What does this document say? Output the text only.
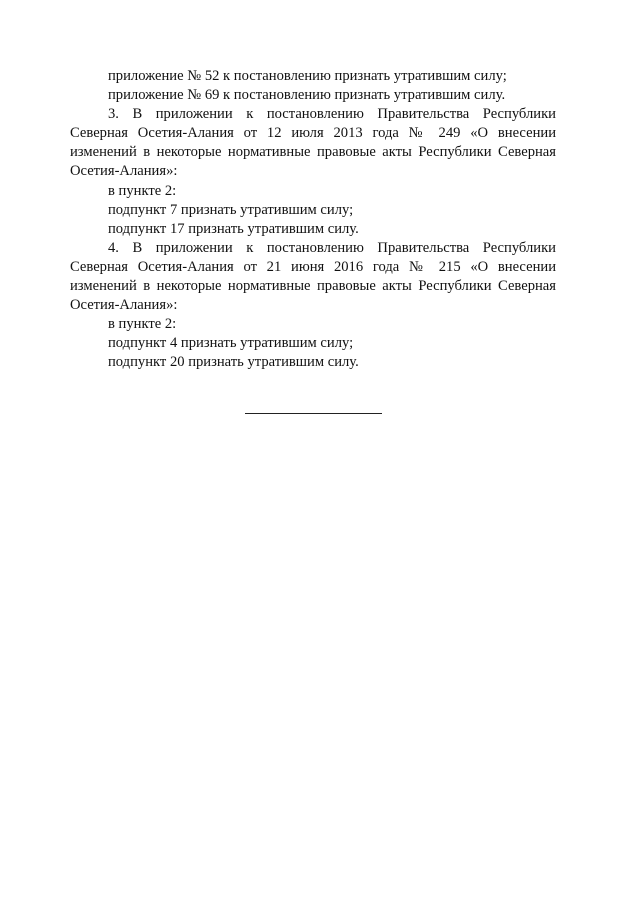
приложение № 52 к постановлению признать утратившим силу;

приложение № 69 к постановлению признать утратившим силу.

3. В приложении к постановлению Правительства Республики Северная Осетия-Алания от 12 июля 2013 года № 249 «О внесении изменений в некоторые нормативные правовые акты Республики Северная Осетия-Алания»:

в пункте 2:

подпункт 7 признать утратившим силу;

подпункт 17 признать утратившим силу.

4. В приложении к постановлению Правительства Республики Северная Осетия-Алания от 21 июня 2016 года № 215 «О внесении изменений в некоторые нормативные правовые акты Республики Северная Осетия-Алания»:

в пункте 2:

подпункт 4 признать утратившим силу;

подпункт 20 признать утратившим силу.
